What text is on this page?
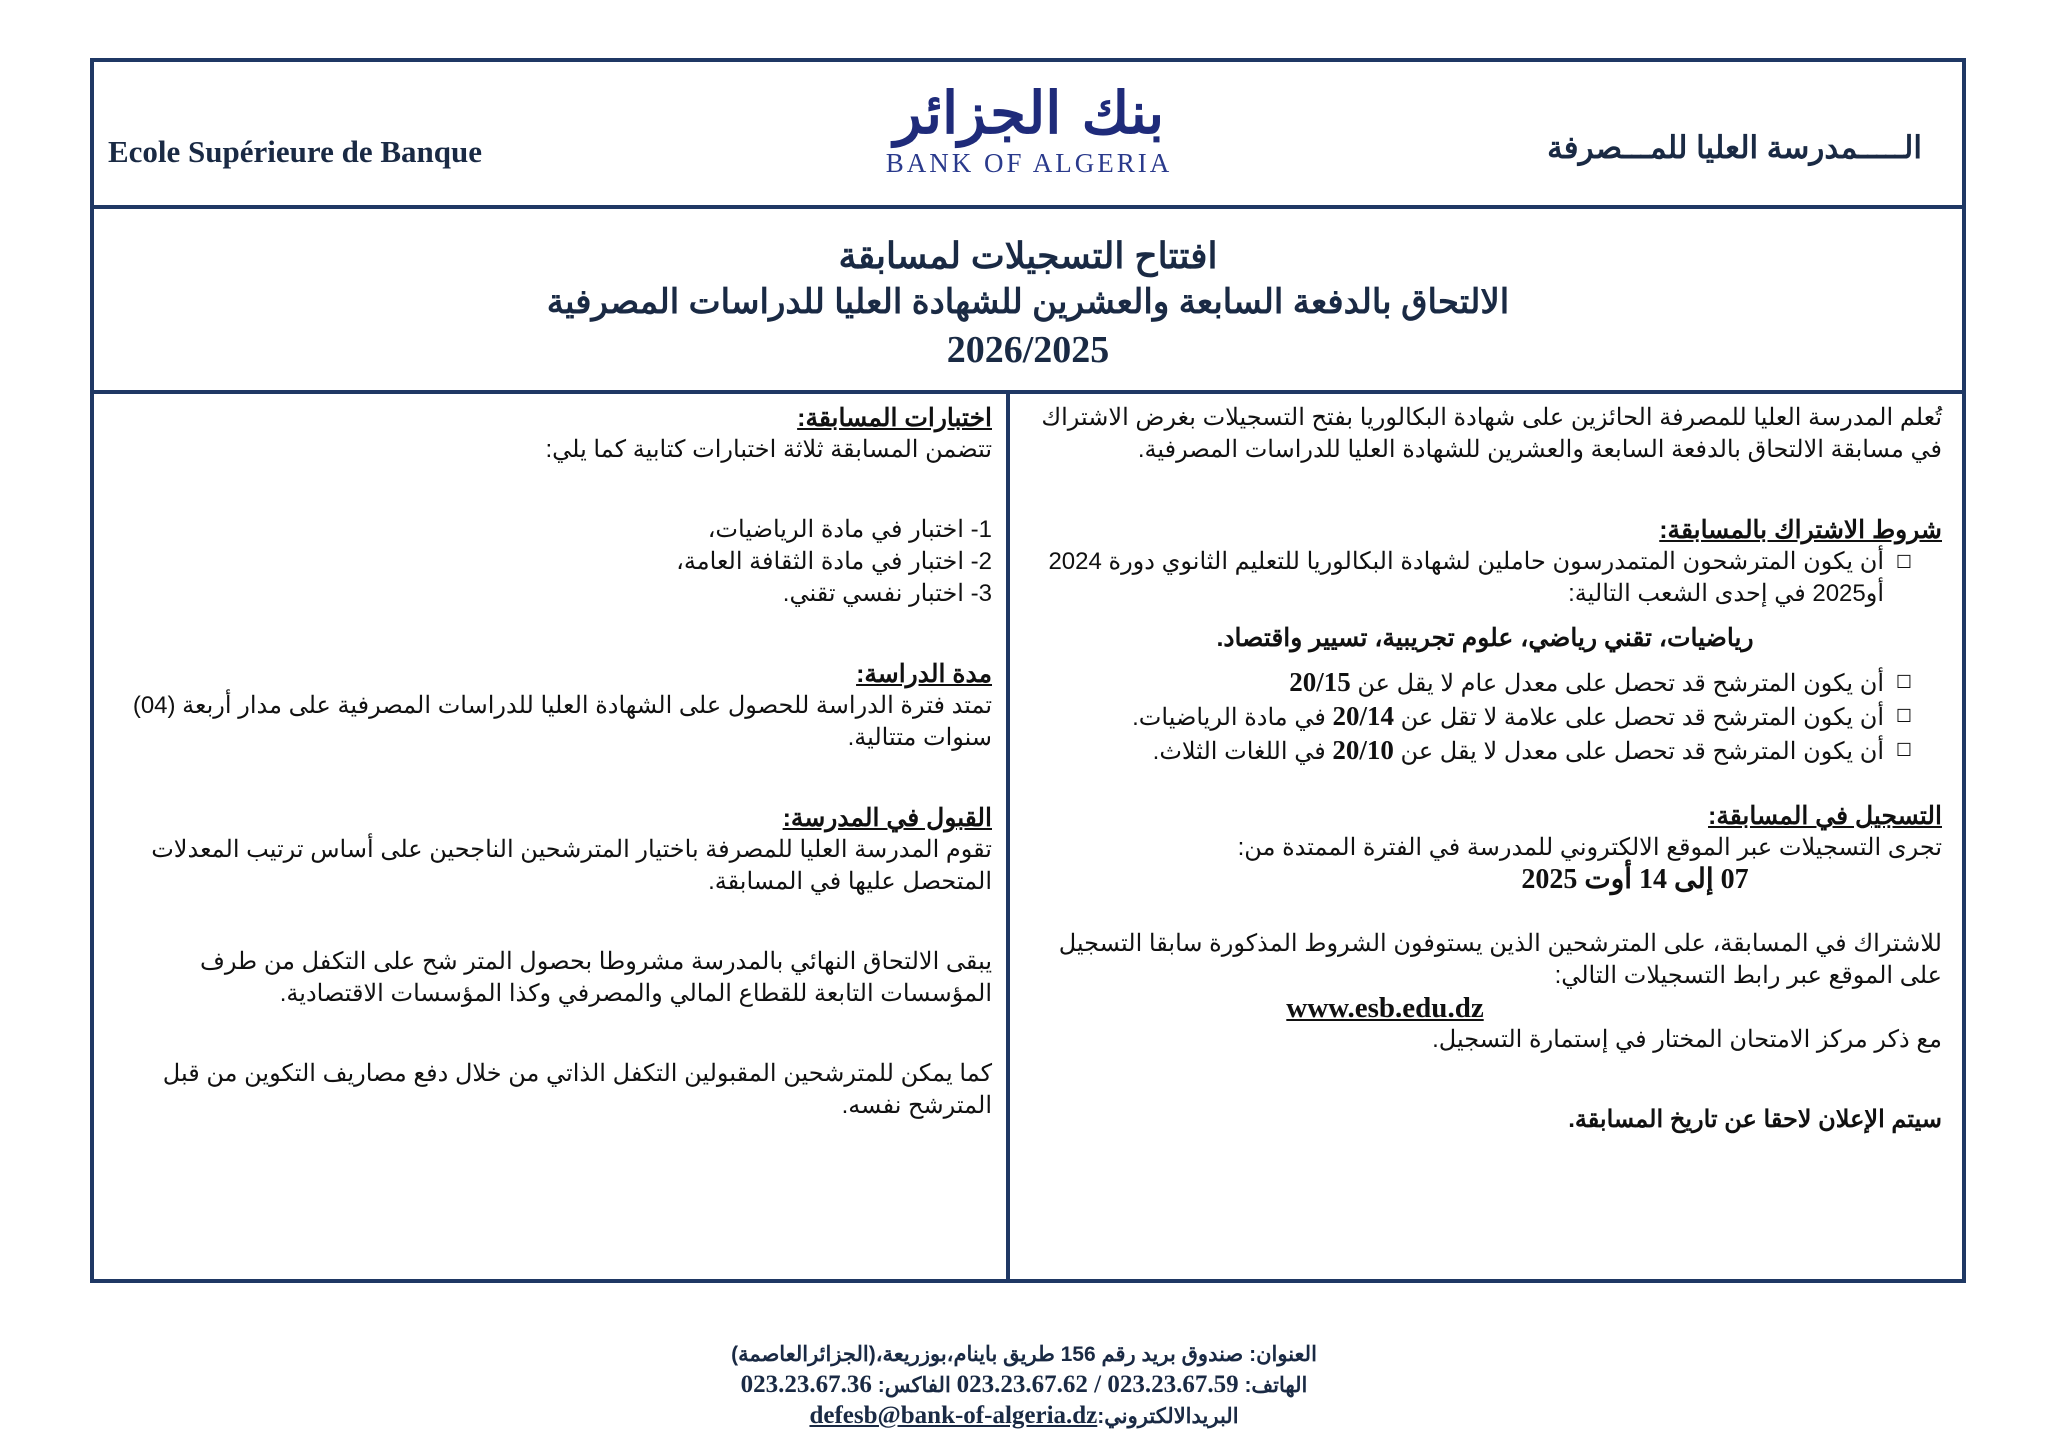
Ecole Supérieure de Banque
بنك الجزائر
BANK OF ALGERIA	الـــــمدرسة العليا للمـــصرفة
افتتاح التسجيلات لمسابقة
الالتحاق بالدفعة السابعة والعشرين للشهادة العليا للدراسات المصرفية
2026/2025

تُعلم المدرسة العليا للمصرفة الحائزين على شهادة البكالوريا بفتح التسجيلات بغرض الاشتراك في مسابقة الالتحاق بالدفعة السابعة والعشرين للشهادة العليا للدراسات المصرفية.

شروط الاشتراك بالمسابقة:
☐
أن يكون المترشحون المتمدرسون حاملين لشهادة البكالوريا للتعليم الثانوي دورة 2024 أو2025 في إحدى الشعب التالية:
رياضيات، تقني رياضي، علوم تجريبية، تسيير واقتصاد.
☐
أن يكون المترشح قد تحصل على معدل عام لا يقل عن 20/15
☐
أن يكون المترشح قد تحصل على علامة لا تقل عن 20/14 في مادة الرياضيات.
☐
أن يكون المترشح قد تحصل على معدل لا يقل عن 20/10 في اللغات الثلاث.
التسجيل في المسابقة:

تجرى التسجيلات عبر الموقع الالكتروني للمدرسة في الفترة الممتدة من:

07 إلى 14 أوت 2025

للاشتراك في المسابقة، على المترشحين الذين يستوفون الشروط المذكورة سابقا التسجيل على الموقع عبر رابط التسجيلات التالي:

www.esb.edu.dz

مع ذكر مركز الامتحان المختار في إستمارة التسجيل.

سيتم الإعلان لاحقا عن تاريخ المسابقة.

اختبارات المسابقة:

تتضمن المسابقة ثلاثة اختبارات كتابية كما يلي:

1- اختبار في مادة الرياضيات،

2- اختبار في مادة الثقافة العامة،

3- اختبار نفسي تقني.

مدة الدراسة:

تمتد فترة الدراسة للحصول على الشهادة العليا للدراسات المصرفية على مدار أربعة (04) سنوات متتالية.

القبول في المدرسة:

تقوم المدرسة العليا للمصرفة باختيار المترشحين الناجحين على أساس ترتيب المعدلات المتحصل عليها في المسابقة.

يبقى الالتحاق النهائي بالمدرسة مشروطا بحصول المتر شح على التكفل من طرف المؤسسات التابعة للقطاع المالي والمصرفي وكذا المؤسسات الاقتصادية.

كما يمكن للمترشحين المقبولين التكفل الذاتي من خلال دفع مصاريف التكوين من قبل المترشح نفسه.

العنوان: صندوق بريد رقم 156 طريق باينام،بوزريعة،(الجزائرالعاصمة)
الهاتف: 023.23.67.62 / 023.23.67.59 الفاكس: 023.23.67.36
البريدالالكتروني:defesb@bank-of-algeria.dz
